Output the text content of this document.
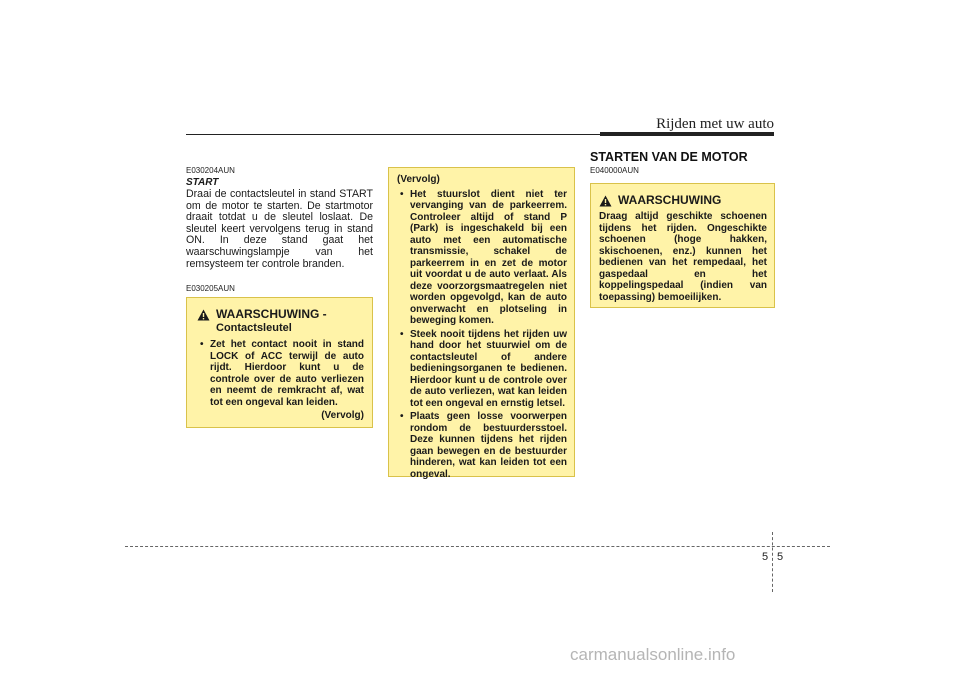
Rijden met uw auto
E030204AUN
START
Draai de contactsleutel in stand START om de motor te starten. De startmotor draait totdat u de sleutel loslaat. De sleutel keert vervolgens terug in stand ON. In deze stand gaat het waarschuwingslampje van het remsysteem ter controle branden.
E030205AUN
WAARSCHUWING -
Contactsleutel
• Zet het contact nooit in stand LOCK of ACC terwijl de auto rijdt. Hierdoor kunt u de controle over de auto verliezen en neemt de remkracht af, wat tot een ongeval kan leiden.
(Vervolg)
(Vervolg)
• Het stuurslot dient niet ter vervanging van de parkeerrem. Controleer altijd of stand P (Park) is ingeschakeld bij een auto met een automatische transmissie, schakel de parkeerrem in en zet de motor uit voordat u de auto verlaat. Als deze voorzorgsmaatregelen niet worden opgevolgd, kan de auto onverwacht en plotseling in beweging komen.
• Steek nooit tijdens het rijden uw hand door het stuurwiel om de contactsleutel of andere bedieningsorganen te bedienen. Hierdoor kunt u de controle over de auto verliezen, wat kan leiden tot een ongeval en ernstig letsel.
• Plaats geen losse voorwerpen rondom de bestuurdersstoel. Deze kunnen tijdens het rijden gaan bewegen en de bestuurder hinderen, wat kan leiden tot een ongeval.
STARTEN VAN DE MOTOR
E040000AUN
WAARSCHUWING
Draag altijd geschikte schoenen tijdens het rijden. Ongeschikte schoenen (hoge hakken, skischoenen, enz.) kunnen het bedienen van het rempedaal, het gaspedaal en het koppelingspedaal (indien van toepassing) bemoeilijken.
5 5
carmanualsonline.info
